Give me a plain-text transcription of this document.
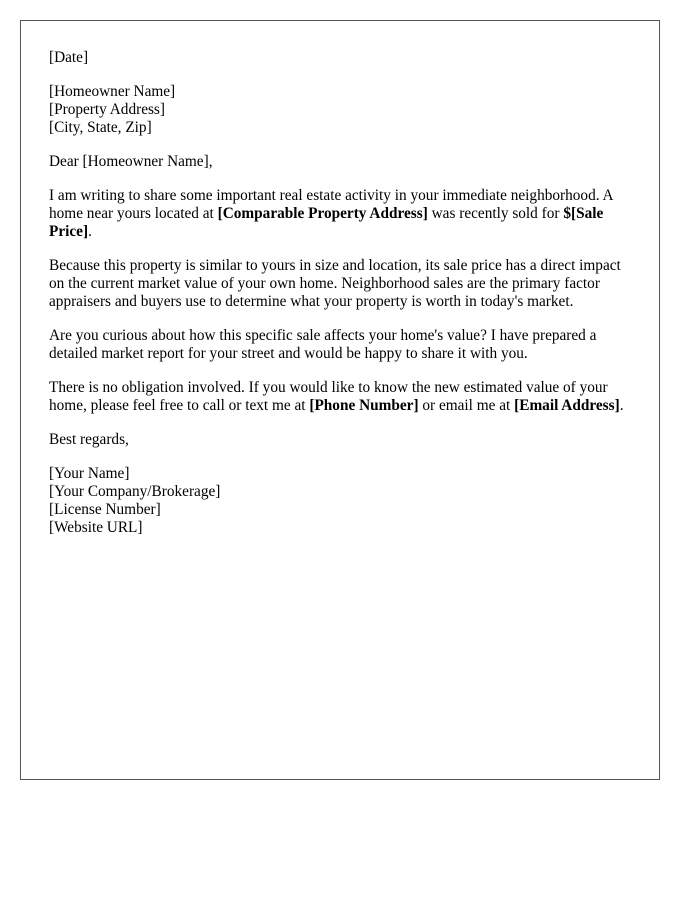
[Date]
[Homeowner Name]
[Property Address]
[City, State, Zip]

Dear [Homeowner Name],

I am writing to share some important real estate activity in your immediate neighborhood. A home near yours located at [Comparable Property Address] was recently sold for $[Sale Price].

Because this property is similar to yours in size and location, its sale price has a direct impact on the current market value of your own home. Neighborhood sales are the primary factor appraisers and buyers use to determine what your property is worth in today's market.

Are you curious about how this specific sale affects your home's value? I have prepared a detailed market report for your street and would be happy to share it with you.

There is no obligation involved. If you would like to know the new estimated value of your home, please feel free to call or text me at [Phone Number] or email me at [Email Address].

Best regards,

[Your Name]
[Your Company/Brokerage]
[License Number]
[Website URL]
